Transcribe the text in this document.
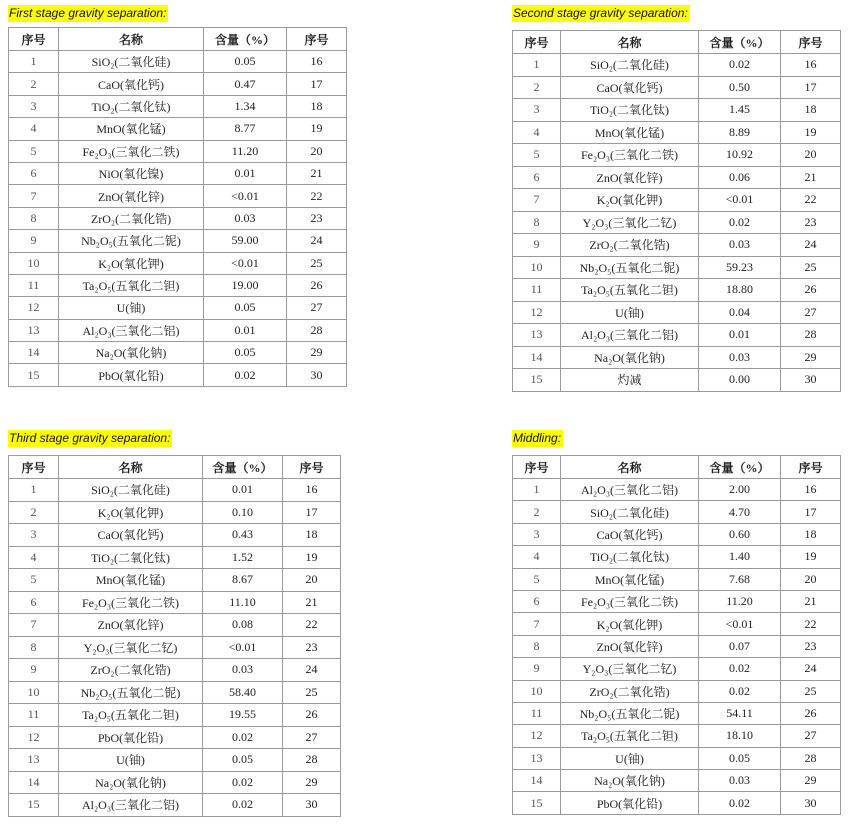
First stage gravity separation:
序号	名称	含量（%）	序号
1	SiO₂(二氧化硅)	0.05	16
2	CaO(氧化钙)	0.47	17
3	TiO₂(二氧化钛)	1.34	18
4	MnO(氧化锰)	8.77	19
5	Fe₂O₃(三氧化二铁)	11.20	20
6	NiO(氧化镍)	0.01	21
7	ZnO(氧化锌)	<0.01	22
8	ZrO₂(二氧化锆)	0.03	23
9	Nb₂O₅(五氧化二铌)	59.00	24
10	K₂O(氧化钾)	<0.01	25
11	Ta₂O₅(五氧化二钽)	19.00	26
12	U(铀)	0.05	27
13	Al₂O₃(三氧化二铝)	0.01	28
14	Na₂O(氧化钠)	0.05	29
15	PbO(氧化铅)	0.02	30
Second stage gravity separation:
序号	名称	含量（%）	序号
1	SiO₂(二氧化硅)	0.02	16
2	CaO(氧化钙)	0.50	17
3	TiO₂(二氧化钛)	1.45	18
4	MnO(氧化锰)	8.89	19
5	Fe₂O₃(三氧化二铁)	10.92	20
6	ZnO(氧化锌)	0.06	21
7	K₂O(氧化钾)	<0.01	22
8	Y₂O₃(三氧化二钇)	0.02	23
9	ZrO₂(二氧化锆)	0.03	24
10	Nb₂O₅(五氧化二铌)	59.23	25
11	Ta₂O₅(五氧化二钽)	18.80	26
12	U(铀)	0.04	27
13	Al₂O₃(三氧化二铝)	0.01	28
14	Na₂O(氧化钠)	0.03	29
15	灼减	0.00	30
Third stage gravity separation:
序号	名称	含量（%）	序号
1	SiO₂(二氧化硅)	0.01	16
2	K₂O(氧化钾)	0.10	17
3	CaO(氧化钙)	0.43	18
4	TiO₂(二氧化钛)	1.52	19
5	MnO(氧化锰)	8.67	20
6	Fe₂O₃(三氧化二铁)	11.10	21
7	ZnO(氧化锌)	0.08	22
8	Y₂O₃(三氧化二钇)	<0.01	23
9	ZrO₂(二氧化锆)	0.03	24
10	Nb₂O₅(五氧化二铌)	58.40	25
11	Ta₂O₅(五氧化二钽)	19.55	26
12	PbO(氧化铅)	0.02	27
13	U(铀)	0.05	28
14	Na₂O(氧化钠)	0.02	29
15	Al₂O₃(三氧化二铝)	0.02	30
Middling:
序号	名称	含量（%）	序号
1	Al₂O₃(三氧化二铝)	2.00	16
2	SiO₂(二氧化硅)	4.70	17
3	CaO(氧化钙)	0.60	18
4	TiO₂(二氧化钛)	1.40	19
5	MnO(氧化锰)	7.68	20
6	Fe₂O₃(三氧化二铁)	11.20	21
7	K₂O(氧化钾)	<0.01	22
8	ZnO(氧化锌)	0.07	23
9	Y₂O₃(三氧化二钇)	0.02	24
10	ZrO₂(二氧化锆)	0.02	25
11	Nb₂O₅(五氧化二铌)	54.11	26
12	Ta₂O₅(五氧化二钽)	18.10	27
13	U(铀)	0.05	28
14	Na₂O(氧化钠)	0.03	29
15	PbO(氧化铅)	0.02	30
